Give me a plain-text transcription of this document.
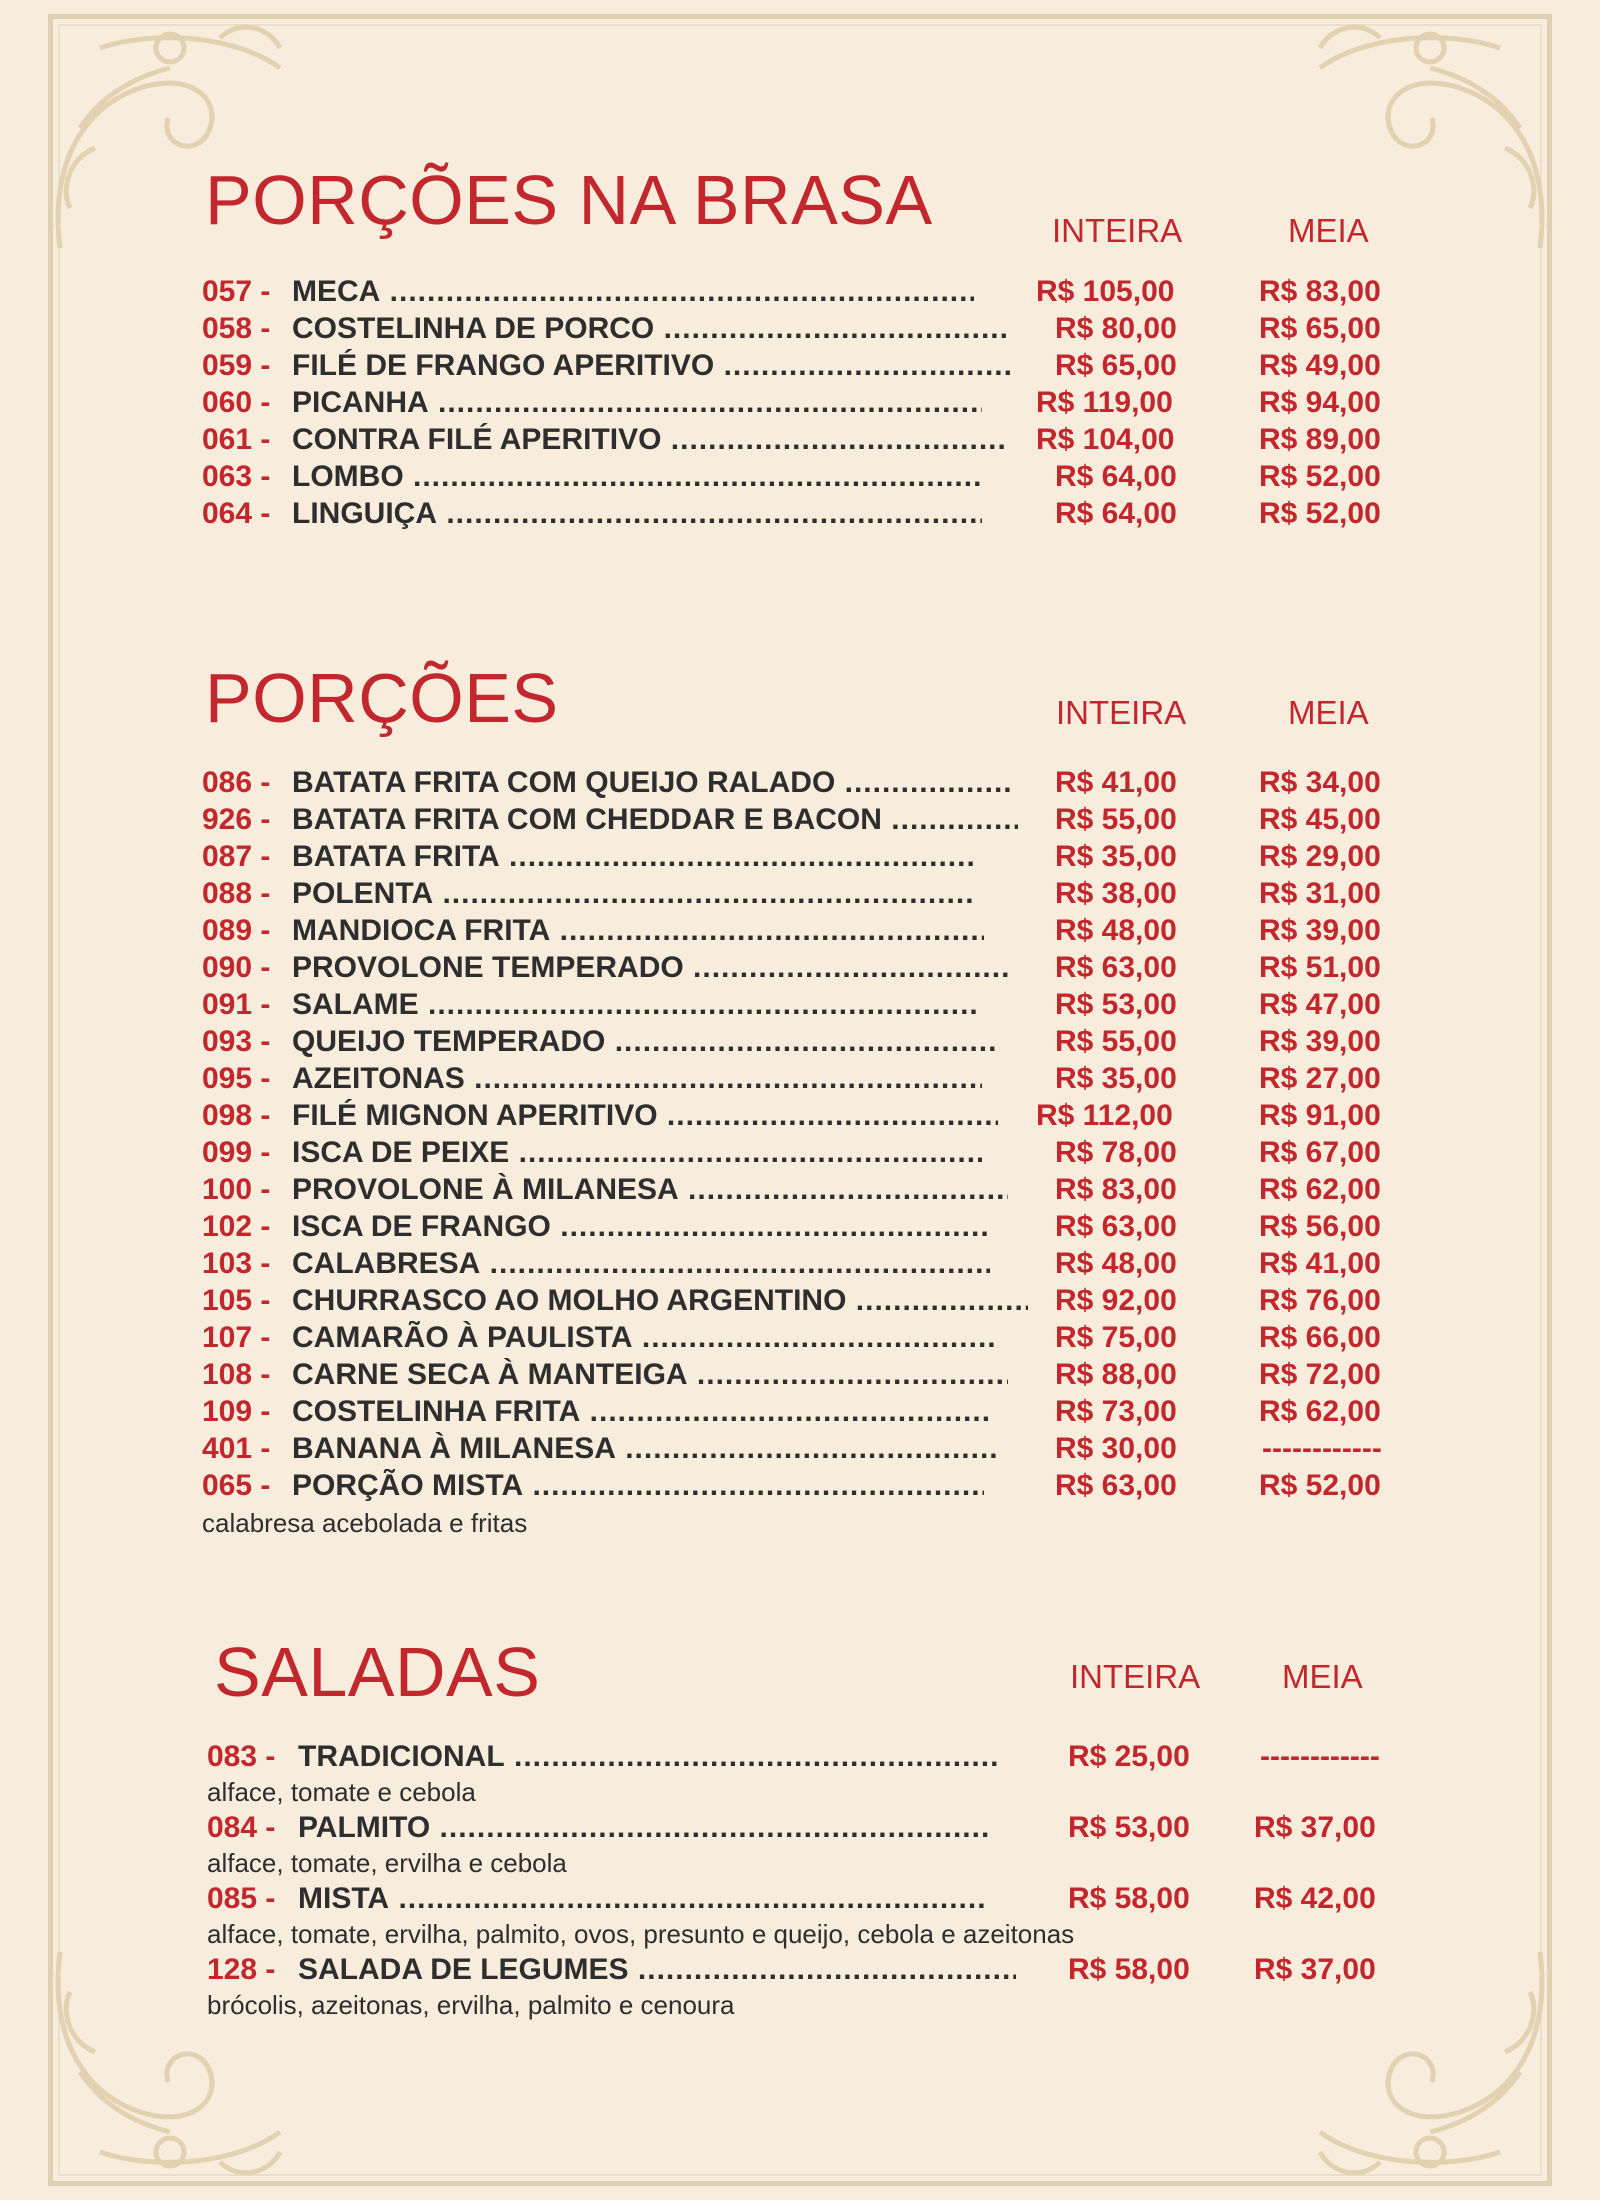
PORÇÕES NA BRASA	INTEIRA	MEIA
057 - MECA .....	R$ 105,00	R$ 83,00
058 - COSTELINHA DE PORCO .....	R$ 80,00	R$ 65,00
059 - FILÉ DE FRANGO APERITIVO .....	R$ 65,00	R$ 49,00
060 - PICANHA .....	R$ 119,00	R$ 94,00
061 - CONTRA FILÉ APERITIVO .....	R$ 104,00	R$ 89,00
063 - LOMBO .....	R$ 64,00	R$ 52,00
064 - LINGUIÇA .....	R$ 64,00	R$ 52,00
PORÇÕES	INTEIRA	MEIA
086 - BATATA FRITA COM QUEIJO RALADO .....	R$ 41,00	R$ 34,00
926 - BATATA FRITA COM CHEDDAR E BACON .....	R$ 55,00	R$ 45,00
087 - BATATA FRITA .....	R$ 35,00	R$ 29,00
088 - POLENTA .....	R$ 38,00	R$ 31,00
089 - MANDIOCA FRITA .....	R$ 48,00	R$ 39,00
090 - PROVOLONE TEMPERADO .....	R$ 63,00	R$ 51,00
091 - SALAME .....	R$ 53,00	R$ 47,00
093 - QUEIJO TEMPERADO .....	R$ 55,00	R$ 39,00
095 - AZEITONAS .....	R$ 35,00	R$ 27,00
098 - FILÉ MIGNON APERITIVO .....	R$ 112,00	R$ 91,00
099 - ISCA DE PEIXE .....	R$ 78,00	R$ 67,00
100 - PROVOLONE À MILANESA .....	R$ 83,00	R$ 62,00
102 - ISCA DE FRANGO .....	R$ 63,00	R$ 56,00
103 - CALABRESA .....	R$ 48,00	R$ 41,00
105 - CHURRASCO AO MOLHO ARGENTINO .....	R$ 92,00	R$ 76,00
107 - CAMARÃO À PAULISTA .....	R$ 75,00	R$ 66,00
108 - CARNE SECA À MANTEIGA .....	R$ 88,00	R$ 72,00
109 - COSTELINHA FRITA .....	R$ 73,00	R$ 62,00
401 - BANANA À MILANESA .....	R$ 30,00	------------
065 - PORÇÃO MISTA .....	R$ 63,00	R$ 52,00
calabresa acebolada e fritas
SALADAS	INTEIRA MEIA
083 - TRADICIONAL .....	R$ 25,00 ------------
alface, tomate e cebola
084 - PALMITO .....	R$ 53,00 R$ 37,00
alface, tomate, ervilha e cebola
085 - MISTA .....	R$ 58,00 R$ 42,00
alface, tomate, ervilha, palmito, ovos, presunto e queijo, cebola e azeitonas
128 - SALADA DE LEGUMES .....	R$ 58,00 R$ 37,00
brócolis, azeitonas, ervilha, palmito e cenoura
